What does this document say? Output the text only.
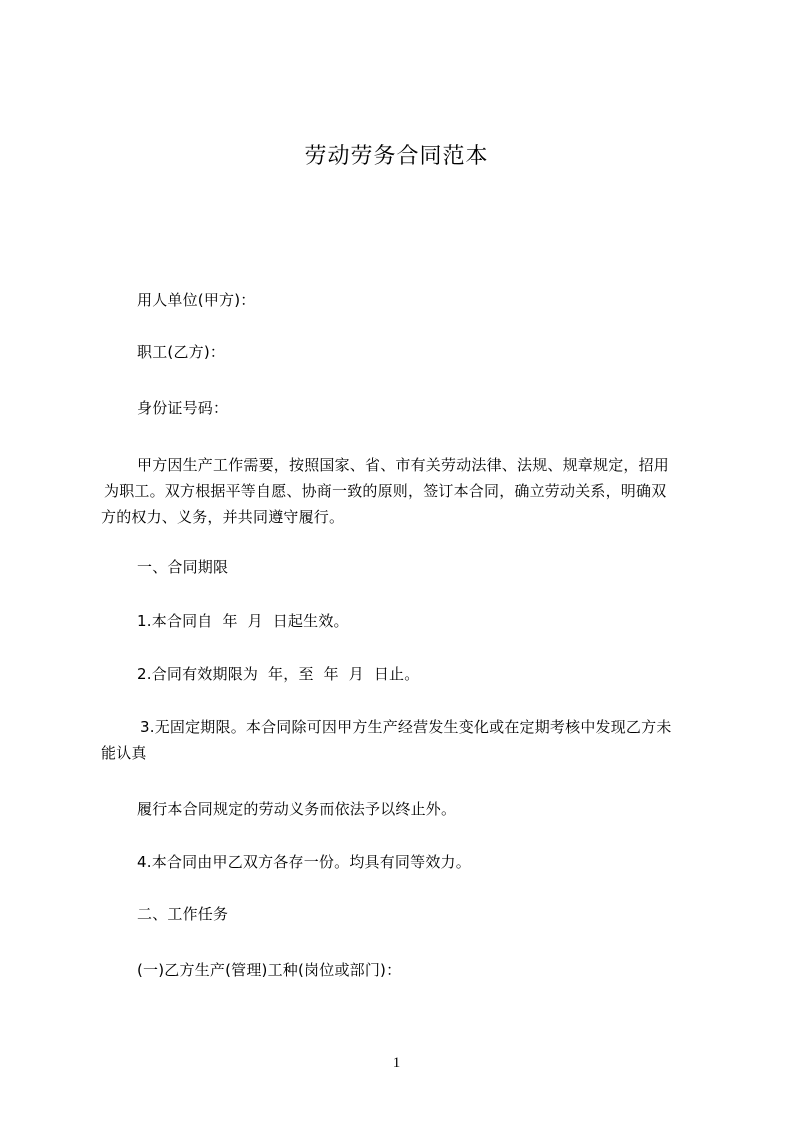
劳动劳务合同范本
用人单位(甲方)：
职工(乙方)：
身份证号码：
甲方因生产工作需要，按照国家、省、市有关劳动法律、法规、规章规定，招用
为职工。双方根据平等自愿、协商一致的原则，签订本合同，确立劳动关系，明确双
方的权力、义务，并共同遵守履行。
一、合同期限
1.本合同自  年  月  日起生效。
2.合同有效期限为  年，至  年  月  日止。
3.无固定期限。本合同除可因甲方生产经营发生变化或在定期考核中发现乙方未
能认真
履行本合同规定的劳动义务而依法予以终止外。
4.本合同由甲乙双方各存一份。均具有同等效力。
二、工作任务
(一)乙方生产(管理)工种(岗位或部门)：
1
